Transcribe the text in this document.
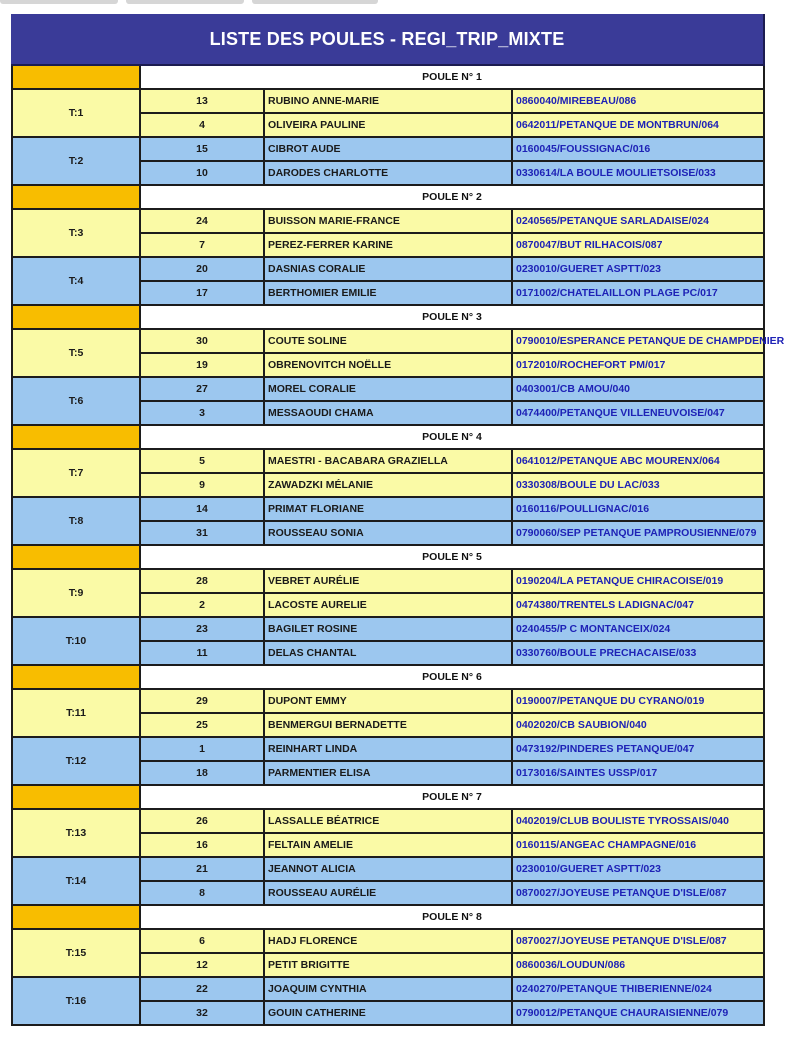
LISTE DES POULES - REGI_TRIP_MIXTE
POULE N° 1
T:1
13	RUBINO ANNE-MARIE	0860040/MIREBEAU/086
4	OLIVEIRA PAULINE	0642011/PETANQUE DE MONTBRUN/064
T:2
15	CIBROT AUDE	0160045/FOUSSIGNAC/016
10	DARODES CHARLOTTE	0330614/LA BOULE MOULIETSOISE/033
POULE N° 2
T:3
24	BUISSON MARIE-FRANCE	0240565/PETANQUE SARLADAISE/024
7	PEREZ-FERRER KARINE	0870047/BUT RILHACOIS/087
T:4
20	DASNIAS CORALIE	0230010/GUERET ASPTT/023
17	BERTHOMIER EMILIE	0171002/CHATELAILLON PLAGE PC/017
POULE N° 3
T:5
30	COUTE SOLINE	0790010/ESPERANCE PETANQUE DE CHAMPDENIER
19	OBRENOVITCH NOËLLE	0172010/ROCHEFORT PM/017
T:6
27	MOREL CORALIE	0403001/CB AMOU/040
3	MESSAOUDI CHAMA	0474400/PETANQUE VILLENEUVOISE/047
POULE N° 4
T:7
5	MAESTRI - BACABARA GRAZIELLA	0641012/PETANQUE ABC MOURENX/064
9	ZAWADZKI MÉLANIE	0330308/BOULE DU LAC/033
T:8
14	PRIMAT FLORIANE	0160116/POULLIGNAC/016
31	ROUSSEAU SONIA	0790060/SEP PETANQUE PAMPROUSIENNE/079
POULE N° 5
T:9
28	VEBRET AURÉLIE	0190204/LA PETANQUE CHIRACOISE/019
2	LACOSTE AURELIE	0474380/TRENTELS LADIGNAC/047
T:10
23	BAGILET ROSINE	0240455/P C MONTANCEIX/024
11	DELAS CHANTAL	0330760/BOULE PRECHACAISE/033
POULE N° 6
T:11
29	DUPONT EMMY	0190007/PETANQUE DU CYRANO/019
25	BENMERGUI BERNADETTE	0402020/CB SAUBION/040
T:12
1	REINHART LINDA	0473192/PINDERES PETANQUE/047
18	PARMENTIER ELISA	0173016/SAINTES USSP/017
POULE N° 7
T:13
26	LASSALLE BÉATRICE	0402019/CLUB BOULISTE TYROSSAIS/040
16	FELTAIN AMELIE	0160115/ANGEAC CHAMPAGNE/016
T:14
21	JEANNOT ALICIA	0230010/GUERET ASPTT/023
8	ROUSSEAU AURÉLIE	0870027/JOYEUSE PETANQUE D'ISLE/087
POULE N° 8
T:15
6	HADJ FLORENCE	0870027/JOYEUSE PETANQUE D'ISLE/087
12	PETIT BRIGITTE	0860036/LOUDUN/086
T:16
22	JOAQUIM CYNTHIA	0240270/PETANQUE THIBERIENNE/024
32	GOUIN CATHERINE	0790012/PETANQUE CHAURAISIENNE/079
